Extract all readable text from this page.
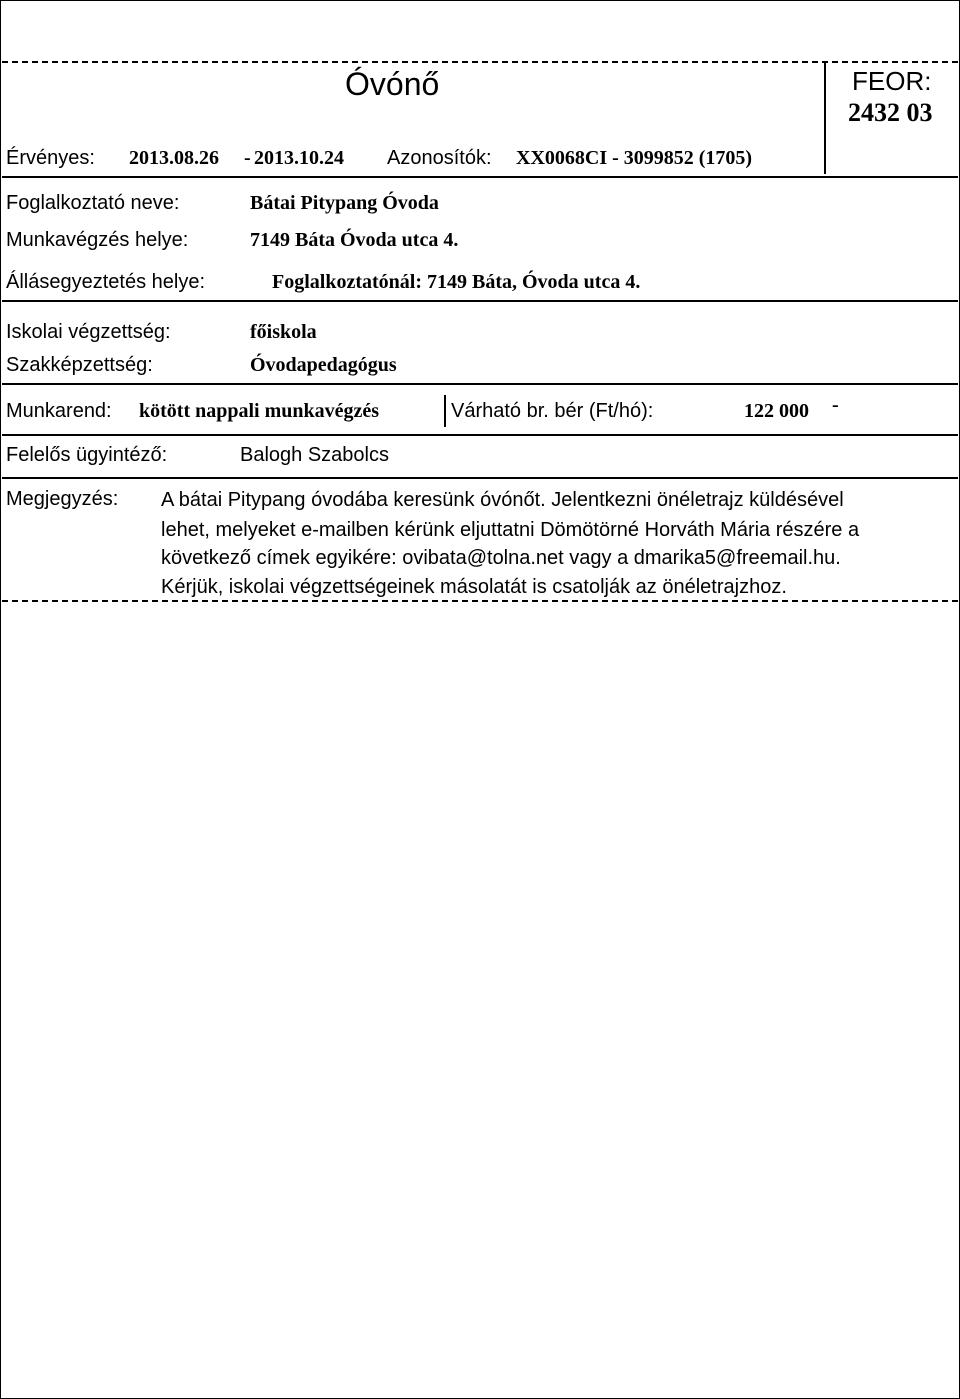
Óvónő	FEOR:
2432 03
Érvényes: 2013.08.26 - 2013.10.24 Azonosítók: XX0068CI - 3099852 (1705)
Foglalkoztató neve:	Bátai Pitypang Óvoda
Munkavégzés helye:	7149 Báta Óvoda utca 4.
Állásegyeztetés helye:	Foglalkoztatónál: 7149 Báta, Óvoda utca 4.
Iskolai végzettség:	főiskola
Szakképzettség:	Óvodapedagógus
Munkarend: kötött nappali munkavégzés	Várható br. bér (Ft/hó):	122 000 -
Felelős ügyintéző:	Balogh Szabolcs
Megjegyzés: A bátai Pitypang óvodába keresünk óvónőt. Jelentkezni önéletrajz küldésével
lehet, melyeket e-mailben kérünk eljuttatni Dömötörné Horváth Mária részére a
következő címek egyikére: ovibata@tolna.net vagy a dmarika5@freemail.hu.
Kérjük, iskolai végzettségeinek másolatát is csatolják az önéletrajzhoz.
